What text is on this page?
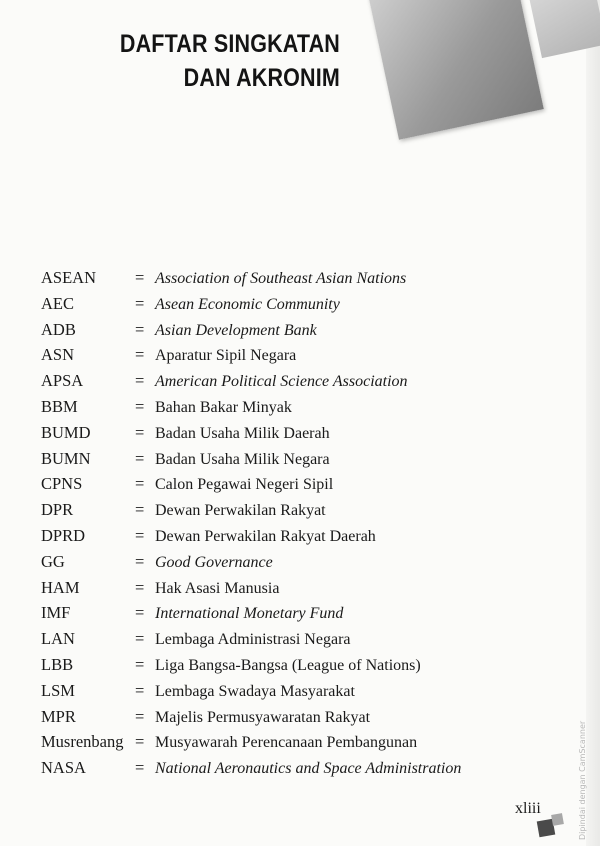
DAFTAR SINGKATAN
DAN AKRONIM
ASEAN	= Association of Southeast Asian Nations
AEC	= Asean Economic Community
ADB	= Asian Development Bank
ASN	= Aparatur Sipil Negara
APSA	= American Political Science Association
BBM	= Bahan Bakar Minyak
BUMD	= Badan Usaha Milik Daerah
BUMN	= Badan Usaha Milik Negara
CPNS	= Calon Pegawai Negeri Sipil
DPR	= Dewan Perwakilan Rakyat
DPRD	= Dewan Perwakilan Rakyat Daerah
GG	= Good Governance
HAM	= Hak Asasi Manusia
IMF	= International Monetary Fund
LAN	= Lembaga Administrasi Negara
LBB	= Liga Bangsa-Bangsa (League of Nations)
LSM	= Lembaga Swadaya Masyarakat
MPR	= Majelis Permusyawaratan Rakyat
Musrenbang = Musyawarah Perencanaan Pembangunan
NASA	= National Aeronautics and Space Administration
xliii	Dipindai dengan CamScanner
